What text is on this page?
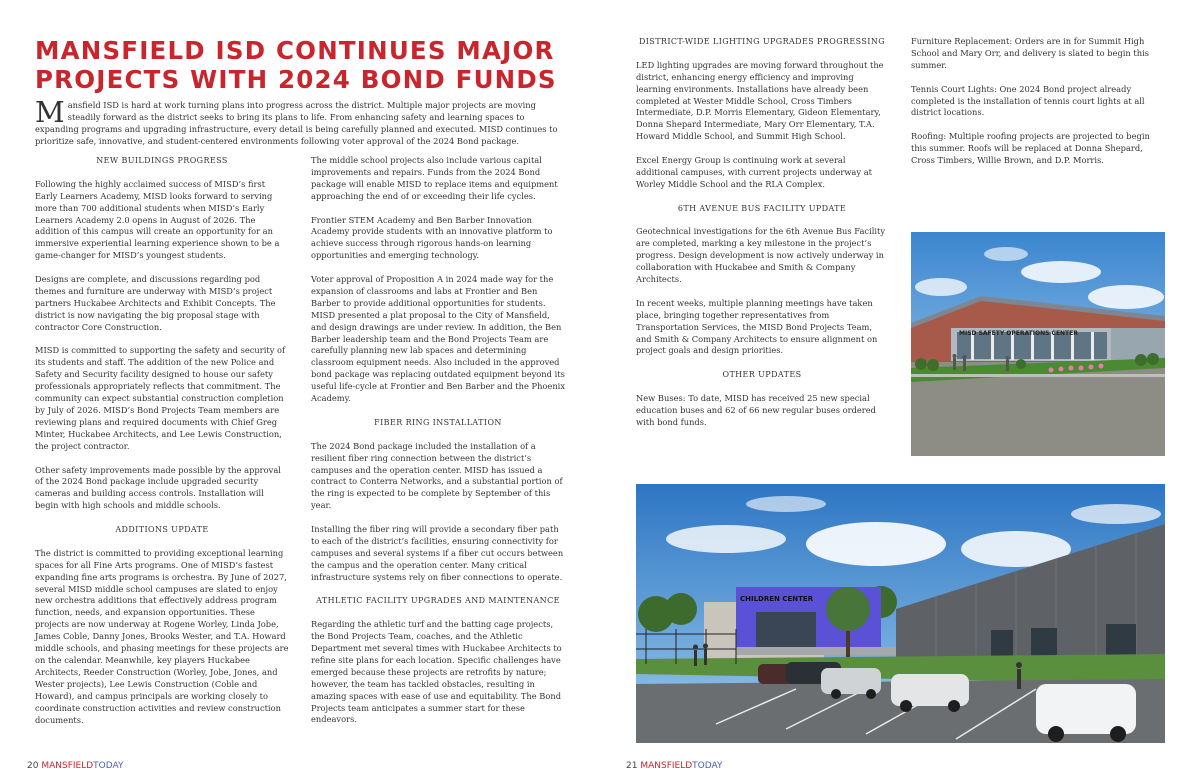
MANSFIELD ISD CONTINUES MAJOR PROJECTS WITH 2024 BOND FUNDS
Mansfield ISD is hard at work turning plans into progress across the district. Multiple major projects are moving steadily forward as the district seeks to bring its plans to life. From enhancing safety and learning spaces to expanding programs and upgrading infrastructure, every detail is being carefully planned and executed. MISD continues to prioritize safe, innovative, and student-centered environments following voter approval of the 2024 Bond package.
NEW BUILDINGS PROGRESS

Following the highly acclaimed success of MISD’s first Early Learners Academy, MISD looks forward to serving more than 700 additional students when MISD’s Early Learners Academy 2.0 opens in August of 2026. The addition of this campus will create an opportunity for an immersive experiential learning experience shown to be a game-changer for MISD’s youngest students.

Designs are complete, and discussions regarding pod themes and furniture are underway with MISD’s project partners Huckabee Architects and Exhibit Concepts. The district is now navigating the big proposal stage with contractor Core Construction.

MISD is committed to supporting the safety and security of its students and staff. The addition of the new Police and Safety and Security facility designed to house our safety professionals appropriately reflects that commitment. The community can expect substantial construction completion by July of 2026. MISD’s Bond Projects Team members are reviewing plans and required documents with Chief Greg Minter, Huckabee Architects, and Lee Lewis Construction, the project contractor.

Other safety improvements made possible by the approval of the 2024 Bond package include upgraded security cameras and building access controls. Installation will begin with high schools and middle schools.

ADDITIONS UPDATE

The district is committed to providing exceptional learning spaces for all Fine Arts programs. One of MISD’s fastest expanding fine arts programs is orchestra. By June of 2027, several MISD middle school campuses are slated to enjoy new orchestra additions that effectively address program function, needs, and expansion opportunities. These projects are now underway at Rogene Worley, Linda Jobe, James Coble, Danny Jones, Brooks Wester, and T.A. Howard middle schools, and phasing meetings for these projects are on the calendar. Meanwhile, key players Huckabee Architects, Reeder Construction (Worley, Jobe, Jones, and Wester projects), Lee Lewis Construction (Coble and Howard), and campus principals are working closely to coordinate construction activities and review construction documents.

The middle school projects also include various capital improvements and repairs. Funds from the 2024 Bond package will enable MISD to replace items and equipment approaching the end of or exceeding their life cycles.

Frontier STEM Academy and Ben Barber Innovation Academy provide students with an innovative platform to achieve success through rigorous hands-on learning opportunities and emerging technology.

Voter approval of Proposition A in 2024 made way for the expansion of classrooms and labs at Frontier and Ben Barber to provide additional opportunities for students. MISD presented a plat proposal to the City of Mansfield, and design drawings are under review. In addition, the Ben Barber leadership team and the Bond Projects Team are carefully planning new lab spaces and determining classroom equipment needs. Also included in the approved bond package was replacing outdated equipment beyond its useful life-cycle at Frontier and Ben Barber and the Phoenix Academy.

FIBER RING INSTALLATION

The 2024 Bond package included the installation of a resilient fiber ring connection between the district’s campuses and the operation center. MISD has issued a contract to Conterra Networks, and a substantial portion of the ring is expected to be complete by September of this year.

Installing the fiber ring will provide a secondary fiber path to each of the district’s facilities, ensuring connectivity for campuses and several systems if a fiber cut occurs between the campus and the operation center. Many critical infrastructure systems rely on fiber connections to operate.

ATHLETIC FACILITY UPGRADES AND MAINTENANCE

Regarding the athletic turf and the batting cage projects, the Bond Projects Team, coaches, and the Athletic Department met several times with Huckabee Architects to refine site plans for each location. Specific challenges have emerged because these projects are retrofits by nature; however, the team has tackled obstacles, resulting in amazing spaces with ease of use and equitability. The Bond Projects team anticipates a summer start for these endeavors.

20 MANSFIELDTODAY
DISTRICT-WIDE LIGHTING UPGRADES PROGRESSING

LED lighting upgrades are moving forward throughout the district, enhancing energy efficiency and improving learning environments. Installations have already been completed at Wester Middle School, Cross Timbers Intermediate, D.P. Morris Elementary, Gideon Elementary, Donna Shepard Intermediate, Mary Orr Elementary, T.A. Howard Middle School, and Summit High School.

Excel Energy Group is continuing work at several additional campuses, with current projects underway at Worley Middle School and the RLA Complex.

6TH AVENUE BUS FACILITY UPDATE

Geotechnical investigations for the 6th Avenue Bus Facility are completed, marking a key milestone in the project’s progress. Design development is now actively underway in collaboration with Huckabee and Smith & Company Architects.

In recent weeks, multiple planning meetings have taken place, bringing together representatives from Transportation Services, the MISD Bond Projects Team, and Smith & Company Architects to ensure alignment on project goals and design priorities.

OTHER UPDATES

New Buses: To date, MISD has received 25 new special education buses and 62 of 66 new regular buses ordered with bond funds.

Furniture Replacement: Orders are in for Summit High School and Mary Orr, and delivery is slated to begin this summer.

Tennis Court Lights: One 2024 Bond project already completed is the installation of tennis court lights at all district locations.

Roofing: Multiple roofing projects are projected to begin this summer. Roofs will be replaced at Donna Shepard, Cross Timbers, Willie Brown, and D.P. Morris.

MISD SAFETY OPERATIONS CENTER
CHILDREN CENTER
21 MANSFIELDTODAY
